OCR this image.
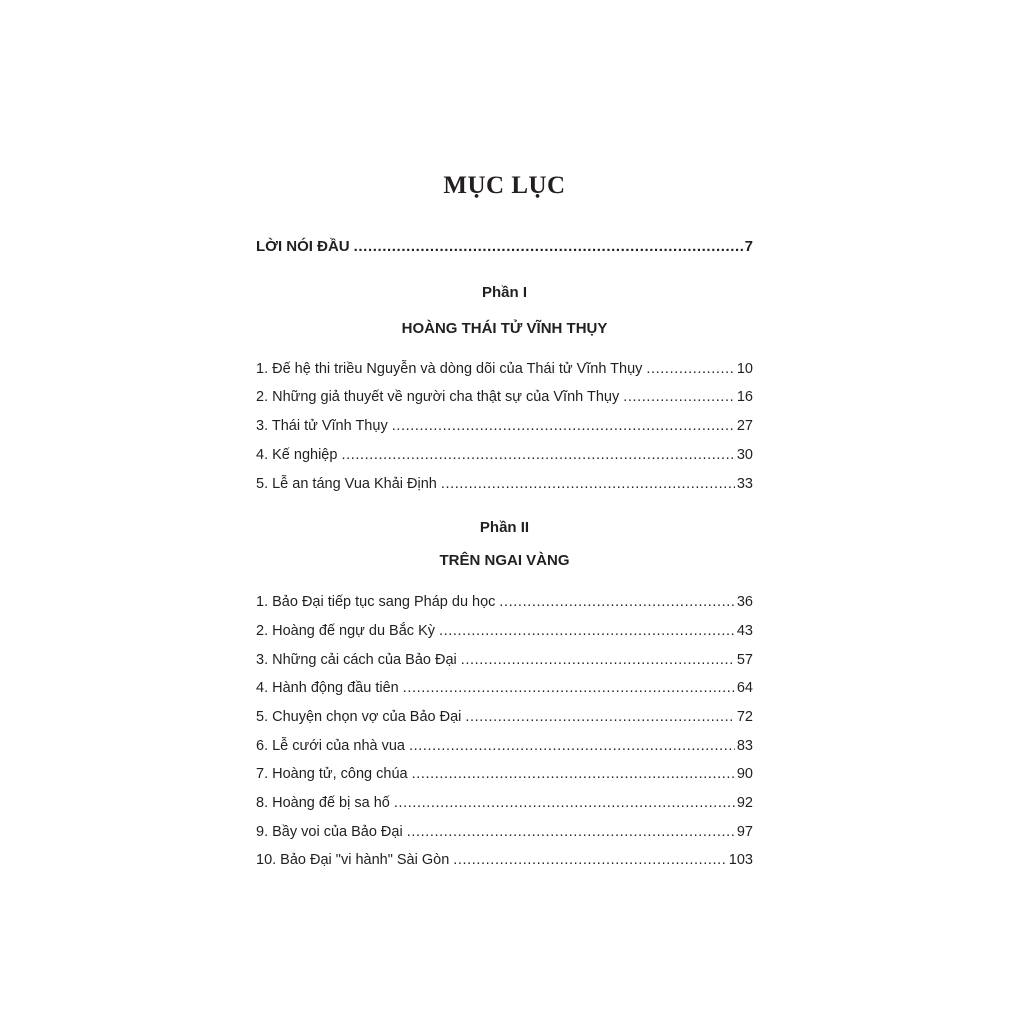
MỤC LỤC
LỜI NÓI ĐẦU .....	7
Phần I
HOÀNG THÁI TỬ VĨNH THỤY
1. Đế hệ thi triều Nguyễn và dòng dõi của Thái tử Vĩnh Thụy .....	10
2. Những giả thuyết về người cha thật sự của Vĩnh Thụy .....	16
3. Thái tử Vĩnh Thụy .....	27
4. Kế nghiệp .....	30
5. Lễ an táng Vua Khải Định .....	33
Phần II
TRÊN NGAI VÀNG
1. Bảo Đại tiếp tục sang Pháp du học .....	36
2. Hoàng đế ngự du Bắc Kỳ .....	43
3. Những cải cách của Bảo Đại .....	57
4. Hành động đầu tiên .....	64
5. Chuyện chọn vợ của Bảo Đại .....	72
6. Lễ cưới của nhà vua .....	83
7. Hoàng tử, công chúa .....	90
8. Hoàng đế bị sa hố .....	92
9. Bầy voi của Bảo Đại .....	97
10. Bảo Đại "vi hành" Sài Gòn .....	103
